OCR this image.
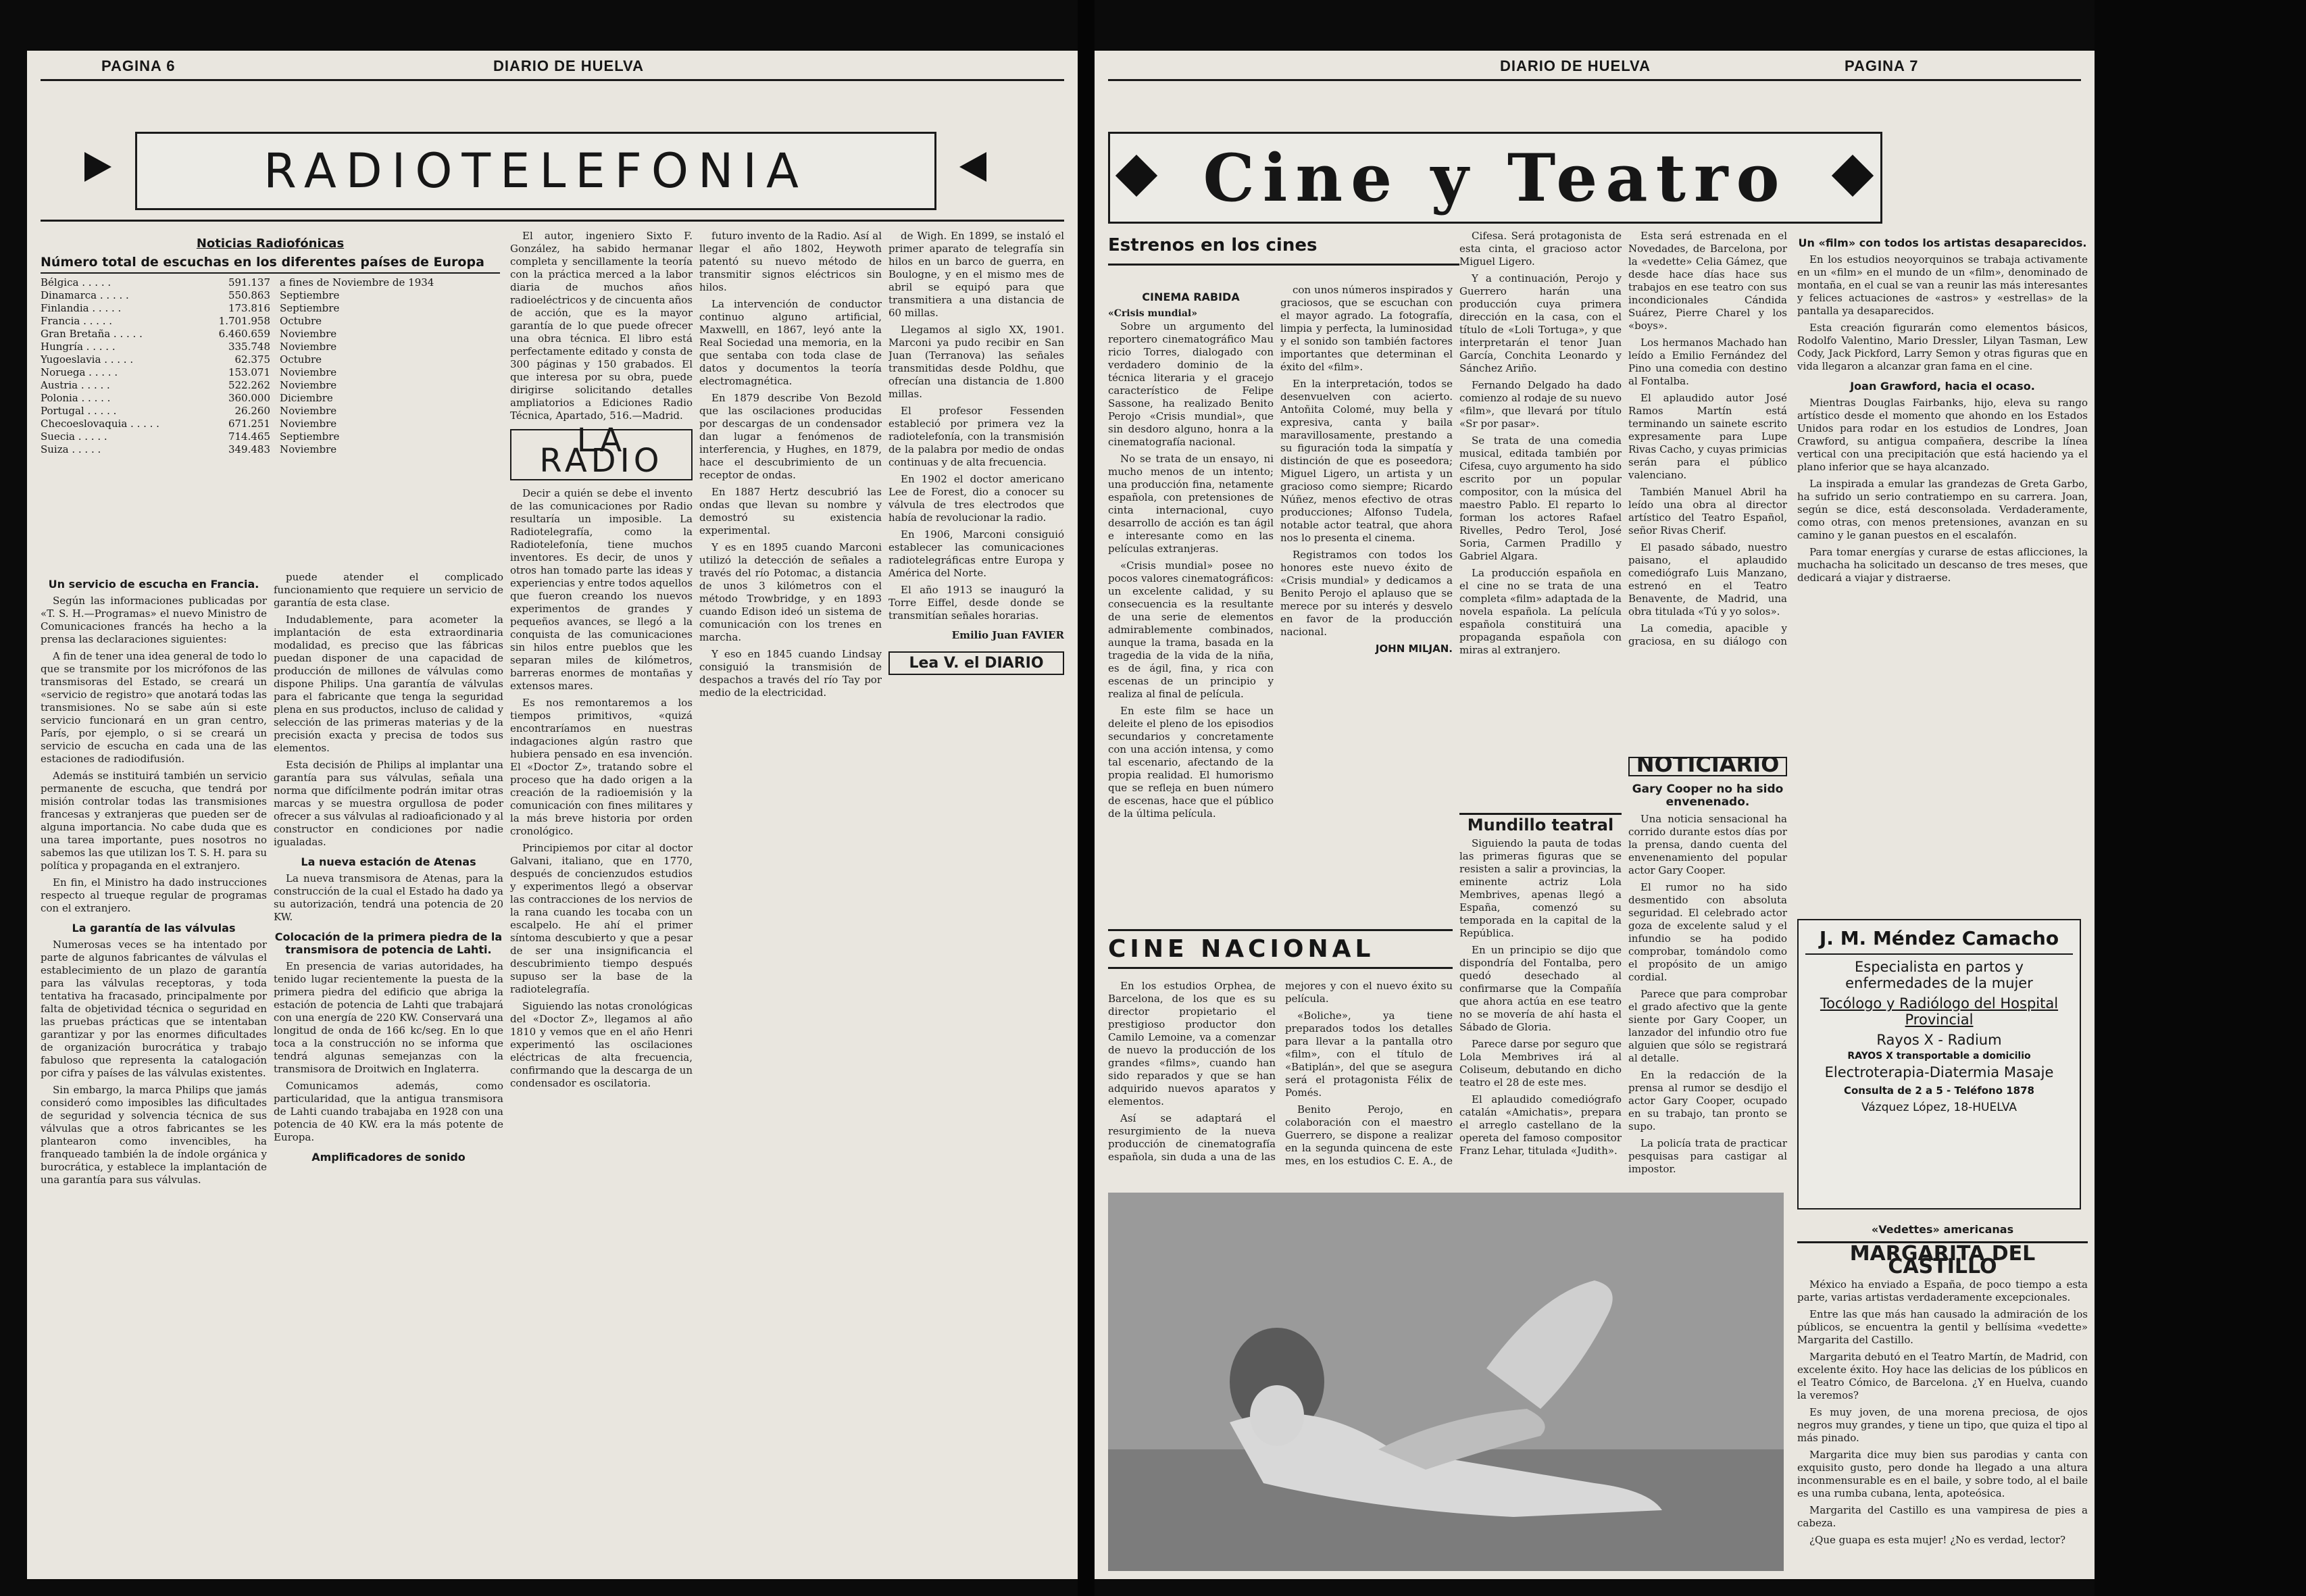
PAGINA 6	DIARIO DE HUELVA
RADIOTELEFONIA
Noticias Radiofónicas
Número total de escuchas en los diferentes países de Europa
Bélgica . . . . .	591.137 a fines de Noviembre de 1934
Dinamarca . . . . .	550.863 Septiembre
Finlandia . . . . .	173.816 Septiembre
Francia . . . . .	1.701.958 Octubre
Gran Bretaña . . . . .	6.460.659 Noviembre
Hungría . . . . .	335.748 Noviembre
Yugoeslavia . . . . .	62.375 Octubre
Noruega . . . . .	153.071 Noviembre
Austria . . . . .	522.262 Noviembre
Polonia . . . . .	360.000 Diciembre
Portugal . . . . .	26.260 Noviembre
Checoeslovaquia . . . . .	671.251 Noviembre
Suecia . . . . .	714.465 Septiembre
Suiza . . . . .	349.483 Noviembre
Un servicio de escucha en Francia.

Según las informaciones publicadas por «T. S. H.—Programas» el nuevo Ministro de Comunicaciones francés ha hecho a la prensa las declaraciones siguientes:

A fin de tener una idea general de todo lo que se transmite por los micrófonos de las transmisoras del Estado, se creará un «servicio de registro» que anotará todas las transmisiones. No se sabe aún si este servicio funcionará en un gran centro, París, por ejemplo, o si se creará un servicio de escucha en cada una de las estaciones de radiodifusión.

Además se instituirá también un servicio permanente de escucha, que tendrá por misión controlar todas las transmisiones francesas y extranjeras que pueden ser de alguna importancia. No cabe duda que es una tarea importante, pues nosotros no sabemos las que utilizan los T. S. H. para su política y propaganda en el extranjero.

En fin, el Ministro ha dado instrucciones respecto al trueque regular de programas con el extranjero.

La garantía de las válvulas

Numerosas veces se ha intentado por parte de algunos fabricantes de válvulas el establecimiento de un plazo de garantía para las válvulas receptoras, y toda tentativa ha fracasado, principalmente por falta de objetividad técnica o seguridad en las pruebas prácticas que se intentaban garantizar y por las enormes dificultades de organización burocrática y trabajo fabuloso que representa la catalogación por cifra y países de las válvulas existentes.

Sin embargo, la marca Philips que jamás consideró como imposibles las dificultades de seguridad y solvencia técnica de sus válvulas que a otros fabricantes se les plantearon como invencibles, ha franqueado también la de índole orgánica y burocrática, y establece la implantación de una garantía para sus válvulas.

puede atender el complicado funcionamiento que requiere un servicio de garantía de esta clase.

Indudablemente, para acometer la implantación de esta extraordinaria modalidad, es preciso que las fábricas puedan disponer de una capacidad de producción de millones de válvulas como dispone Philips. Una garantía de válvulas para el fabricante que tenga la seguridad plena en sus productos, incluso de calidad y selección de las primeras materias y de la precisión exacta y precisa de todos sus elementos.

Esta decisión de Philips al implantar una garantía para sus válvulas, señala una norma que difícilmente podrán imitar otras marcas y se muestra orgullosa de poder ofrecer a sus válvulas al radioaficionado y al constructor en condiciones por nadie igualadas.

La nueva estación de Atenas

La nueva transmisora de Atenas, para la construcción de la cual el Estado ha dado ya su autorización, tendrá una potencia de 20 KW.

Colocación de la primera piedra de la transmisora de potencia de Lahti.

En presencia de varias autoridades, ha tenido lugar recientemente la puesta de la primera piedra del edificio que abriga la estación de potencia de Lahti que trabajará con una energía de 220 KW. Conservará una longitud de onda de 166 kc/seg. En lo que toca a la construcción no se informa que tendrá algunas semejanzas con la transmisora de Droitwich en Inglaterra.

Comunicamos además, como particularidad, que la antigua transmisora de Lahti cuando trabajaba en 1928 con una potencia de 40 KW. era la más potente de Europa.

Amplificadores de sonido

El autor, ingeniero Sixto F. González, ha sabido hermanar completa y sencillamente la teoría con la práctica merced a la labor diaria de muchos años radioeléctricos y de cincuenta años de acción, que es la mayor garantía de lo que puede ofrecer una obra técnica. El libro está perfectamente editado y consta de 300 páginas y 150 grabados. El que interesa por su obra, puede dirigirse solicitando detalles ampliatorios a Ediciones Radio Técnica, Apartado, 516.—Madrid.

LA RADIO

Decir a quién se debe el invento de las comunicaciones por Radio resultaría un imposible. La Radiotelegrafía, como la Radiotelefonía, tiene muchos inventores. Es decir, de unos y otros han tomado parte las ideas y experiencias y entre todos aquellos que fueron creando los nuevos experimentos de grandes y pequeños avances, se llegó a la conquista de las comunicaciones sin hilos entre pueblos que les separan miles de kilómetros, barreras enormes de montañas y extensos mares.

Es nos remontaremos a los tiempos primitivos, «quizá encontraríamos en nuestras indagaciones algún rastro que hubiera pensado en esa invención. El «Doctor Z», tratando sobre el proceso que ha dado origen a la creación de la radioemisión y la comunicación con fines militares y la más breve historia por orden cronológico.

Principiemos por citar al doctor Galvani, italiano, que en 1770, después de concienzudos estudios y experimentos llegó a observar las contracciones de los nervios de la rana cuando les tocaba con un escalpelo. He ahí el primer síntoma descubierto y que a pesar de ser una insignificancia el descubrimiento tiempo después supuso ser la base de la radiotelegrafía.

Siguiendo las notas cronológicas del «Doctor Z», llegamos al año 1810 y vemos que en el año Henri experimentó las oscilaciones eléctricas de alta frecuencia, confirmando que la descarga de un condensador es oscilatoria.

futuro invento de la Radio. Así al llegar el año 1802, Heywoth patentó su nuevo método de transmitir signos eléctricos sin hilos.

La intervención de conductor continuo alguno artificial, Maxwelll, en 1867, leyó ante la Real Sociedad una memoria, en la que sentaba con toda clase de datos y documentos la teoría electromagnética.

En 1879 describe Von Bezold que las oscilaciones producidas por descargas de un condensador dan lugar a fenómenos de interferencia, y Hughes, en 1879, hace el descubrimiento de un receptor de ondas.

En 1887 Hertz descubrió las ondas que llevan su nombre y demostró su existencia experimental.

Y es en 1895 cuando Marconi utilizó la detección de señales a través del río Potomac, a distancia de unos 3 kilómetros con el método Trowbridge, y en 1893 cuando Edison ideó un sistema de comunicación con los trenes en marcha.

Y eso en 1845 cuando Lindsay consiguió la transmisión de despachos a través del río Tay por medio de la electricidad.

de Wigh. En 1899, se instaló el primer aparato de telegrafía sin hilos en un barco de guerra, en Boulogne, y en el mismo mes de abril se equipó para que transmitiera a una distancia de 60 millas.

Llegamos al siglo XX, 1901. Marconi ya pudo recibir en San Juan (Terranova) las señales transmitidas desde Poldhu, que ofrecían una distancia de 1.800 millas.

El profesor Fessenden estableció por primera vez la radiotelefonía, con la transmisión de la palabra por medio de ondas continuas y de alta frecuencia.

En 1902 el doctor americano Lee de Forest, dio a conocer su válvula de tres electrodos que había de revolucionar la radio.

En 1906, Marconi consiguió establecer las comunicaciones radiotelegráficas entre Europa y América del Norte.

El año 1913 se inauguró la Torre Eiffel, desde donde se transmitían señales horarias.

Emilio Juan FAVIER
Lea V. el DIARIO
DIARIO DE HUELVA	PAGINA 7
Cine y Teatro
Estrenos en los cines
CINEMA RABIDA
«Crisis mundial»

Sobre un argumento del reportero cinematográfico Mau ricio Torres, dialogado con verdadero dominio de la técnica literaria y el gracejo característico de Felipe Sassone, ha realizado Benito Perojo «Crisis mundial», que sin desdoro alguno, honra a la cinematografía nacional.

No se trata de un ensayo, ni mucho menos de un intento; una producción fina, netamente española, con pretensiones de cinta internacional, cuyo desarrollo de acción es tan ágil e interesante como en las películas extranjeras.

«Crisis mundial» posee no pocos valores cinematográficos: un excelente calidad, y su consecuencia es la resultante de una serie de elementos admirablemente combinados, aunque la trama, basada en la tragedia de la vida de la niña, es de ágil, fina, y rica con escenas de un principio y realiza al final de película.

En este film se hace un deleite el pleno de los episodios secundarios y concretamente con una acción intensa, y como tal escenario, afectando de la propia realidad. El humorismo que se refleja en buen número de escenas, hace que el público de la última película.

con unos números inspirados y graciosos, que se escuchan con el mayor agrado. La fotografía, limpia y perfecta, la luminosidad y el sonido son también factores importantes que determinan el éxito del «film».

En la interpretación, todos se desenvuelven con acierto. Antoñita Colomé, muy bella y expresiva, canta y baila maravillosamente, prestando a su figuración toda la simpatía y distinción de que es poseedora; Miguel Ligero, un artista y un gracioso como siempre; Ricardo Núñez, menos efectivo de otras producciones; Alfonso Tudela, notable actor teatral, que ahora nos lo presenta el cinema.

Registramos con todos los honores este nuevo éxito de «Crisis mundial» y dedicamos a Benito Perojo el aplauso que se merece por su interés y desvelo en favor de la producción nacional.

JOHN MILJAN.

Cifesa. Será protagonista de esta cinta, el gracioso actor Miguel Ligero.

Y a continuación, Perojo y Guerrero harán una producción cuya primera dirección en la casa, con el título de «Loli Tortuga», y que interpretarán el tenor Juan García, Conchita Leonardo y Sánchez Ariño.

Fernando Delgado ha dado comienzo al rodaje de su nuevo «film», que llevará por título «Sr por pasar».

Se trata de una comedia musical, editada también por Cifesa, cuyo argumento ha sido escrito por un popular compositor, con la música del maestro Pablo. El reparto lo forman los actores Rafael Rivelles, Pedro Terol, José Soria, Carmen Pradillo y Gabriel Algara.

La producción española en el cine no se trata de una completa «film» adaptada de la novela española. La película española constituirá una propaganda española con miras al extranjero.

Esta será estrenada en el Novedades, de Barcelona, por la «vedette» Celia Gámez, que desde hace días hace sus trabajos en ese teatro con sus incondicionales Cándida Suárez, Pierre Charel y los «boys».

Los hermanos Machado han leído a Emilio Fernández del Pino una comedia con destino al Fontalba.

El aplaudido autor José Ramos Martín está terminando un sainete escrito expresamente para Lupe Rivas Cacho, y cuyas primicias serán para el público valenciano.

También Manuel Abril ha leído una obra al director artístico del Teatro Español, señor Rivas Cherif.

El pasado sábado, nuestro paisano, el aplaudido comediógrafo Luis Manzano, estrenó en el Teatro Benavente, de Madrid, una obra titulada «Tú y yo solos».

La comedia, apacible y graciosa, en su diálogo con

Un «film» con todos los artistas desaparecidos.

En los estudios neoyorquinos se trabaja activamente en un «film» en el mundo de un «film», denominado de montaña, en el cual se van a reunir las más interesantes y felices actuaciones de «astros» y «estrellas» de la pantalla ya desaparecidos.

Esta creación figurarán como elementos básicos, Rodolfo Valentino, Mario Dressler, Lilyan Tasman, Lew Cody, Jack Pickford, Larry Semon y otras figuras que en vida llegaron a alcanzar gran fama en el cine.

Joan Grawford, hacia el ocaso.

Mientras Douglas Fairbanks, hijo, eleva su rango artístico desde el momento que ahondo en los Estados Unidos para rodar en los estudios de Londres, Joan Crawford, su antigua compañera, describe la línea vertical con una precipitación que está haciendo ya el plano inferior que se haya alcanzado.

La inspirada a emular las grandezas de Greta Garbo, ha sufrido un serio contratiempo en su carrera. Joan, según se dice, está desconsolada. Verdaderamente, como otras, con menos pretensiones, avanzan en su camino y le ganan puestos en el escalafón.

Para tomar energías y curarse de estas aflicciones, la muchacha ha solicitado un descanso de tres meses, que dedicará a viajar y distraerse.

Mundillo teatral

Siguiendo la pauta de todas las primeras figuras que se resisten a salir a provincias, la eminente actriz Lola Membrives, apenas llegó a España, comenzó su temporada en la capital de la República.

En un principio se dijo que dispondría del Fontalba, pero quedó desechado al confirmarse que la Compañía que ahora actúa en ese teatro no se movería de ahí hasta el Sábado de Gloria.

Parece darse por seguro que Lola Membrives irá al Coliseum, debutando en dicho teatro el 28 de este mes.

El aplaudido comediógrafo catalán «Amichatis», prepara el arreglo castellano de la opereta del famoso compositor Franz Lehar, titulada «Judith».

NOTICIARIO
Gary Cooper no ha sido envenenado.

Una noticia sensacional ha corrido durante estos días por la prensa, dando cuenta del envenenamiento del popular actor Gary Cooper.

El rumor no ha sido desmentido con absoluta seguridad. El celebrado actor goza de excelente salud y el infundio se ha podido comprobar, tomándolo como el propósito de un amigo cordial.

Parece que para comprobar el grado afectivo que la gente siente por Gary Cooper, un lanzador del infundio otro fue alguien que sólo se registrará al detalle.

En la redacción de la prensa al rumor se desdijo el actor Gary Cooper, ocupado en su trabajo, tan pronto se supo.

La policía trata de practicar pesquisas para castigar al impostor.

J. M. Méndez Camacho
Especialista en partos y enfermedades de la mujer
Tocólogo y Radiólogo del Hospital Provincial
Rayos X - Radium
RAYOS X transportable a domicilio
Electroterapia-Diatermia Masaje
Consulta de 2 a 5 - Teléfono 1878
Vázquez López, 18-HUELVA
CINE NACIONAL

En los estudios Orphea, de Barcelona, de los que es su director propietario el prestigioso productor don Camilo Lemoine, va a comenzar de nuevo la producción de los grandes «films», cuando han sido reparados y que se han adquirido nuevos aparatos y elementos.

Así se adaptará el resurgimiento de la nueva producción de cinematografía española, sin duda a una de las mejores y con el nuevo éxito su película.

«Boliche», ya tiene preparados todos los detalles para llevar a la pantalla otro «film», con el título de «Batiplán», del que se asegura será el protagonista Félix de Pomés.

Benito Perojo, en colaboración con el maestro Guerrero, se dispone a realizar en la segunda quincena de este mes, en los estudios C. E. A., de

«Vedettes» americanas
MARGARITA DEL CASTILLO

México ha enviado a España, de poco tiempo a esta parte, varias artistas verdaderamente excepcionales.

Entre las que más han causado la admiración de los públicos, se encuentra la gentil y bellísima «vedette» Margarita del Castillo.

Margarita debutó en el Teatro Martín, de Madrid, con excelente éxito. Hoy hace las delicias de los públicos en el Teatro Cómico, de Barcelona. ¿Y en Huelva, cuando la veremos?

Es muy joven, de una morena preciosa, de ojos negros muy grandes, y tiene un tipo, que quiza el tipo al más pinado.

Margarita dice muy bien sus parodias y canta con exquisito gusto, pero donde ha llegado a una altura inconmensurable es en el baile, y sobre todo, al el baile es una rumba cubana, lenta, apoteósica.

Margarita del Castillo es una vampiresa de pies a cabeza.

¿Que guapa es esta mujer! ¿No es verdad, lector?
